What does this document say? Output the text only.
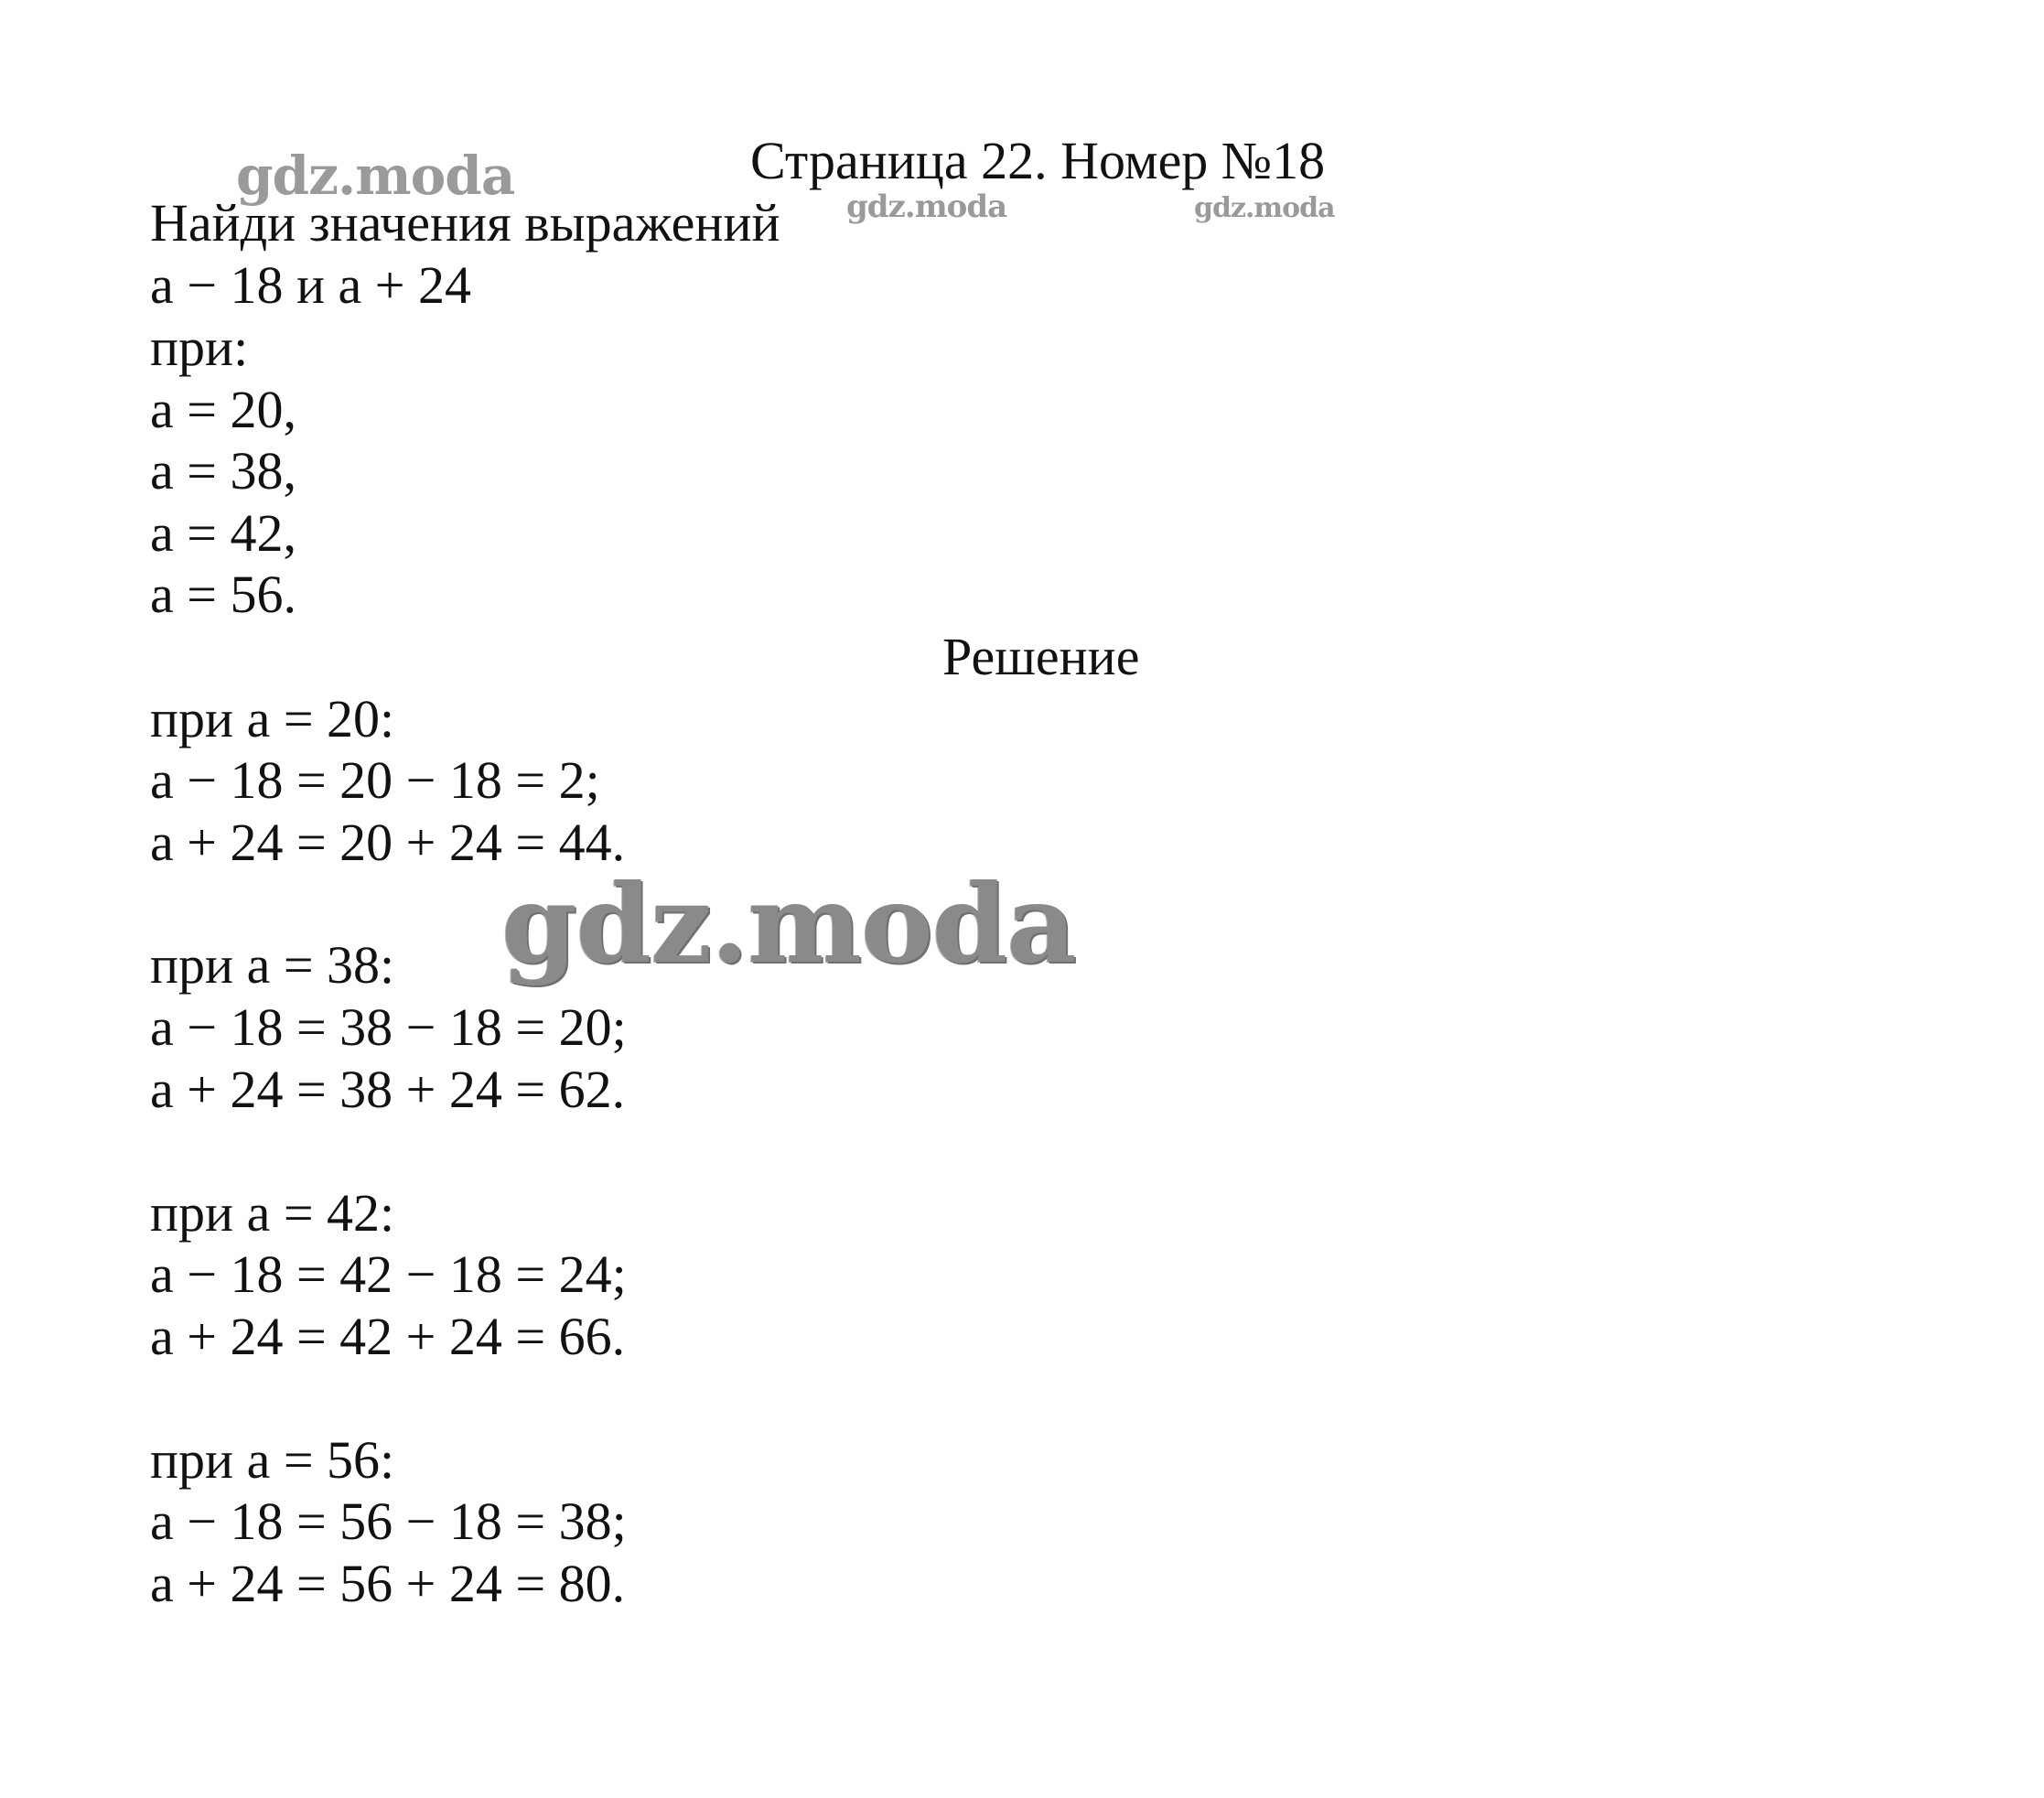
gdz.moda	gdz.moda	gdz.moda
gdz.moda
Страница 22. Номер №18
Найди значения выражений
a − 18 и a + 24
при:
a = 20,
a = 38,
a = 42,
a = 56.
Решение
при a = 20:
a − 18 = 20 − 18 = 2;
a + 24 = 20 + 24 = 44.
при a = 38:
a − 18 = 38 − 18 = 20;
a + 24 = 38 + 24 = 62.
при a = 42:
a − 18 = 42 − 18 = 24;
a + 24 = 42 + 24 = 66.
при a = 56:
a − 18 = 56 − 18 = 38;
a + 24 = 56 + 24 = 80.
